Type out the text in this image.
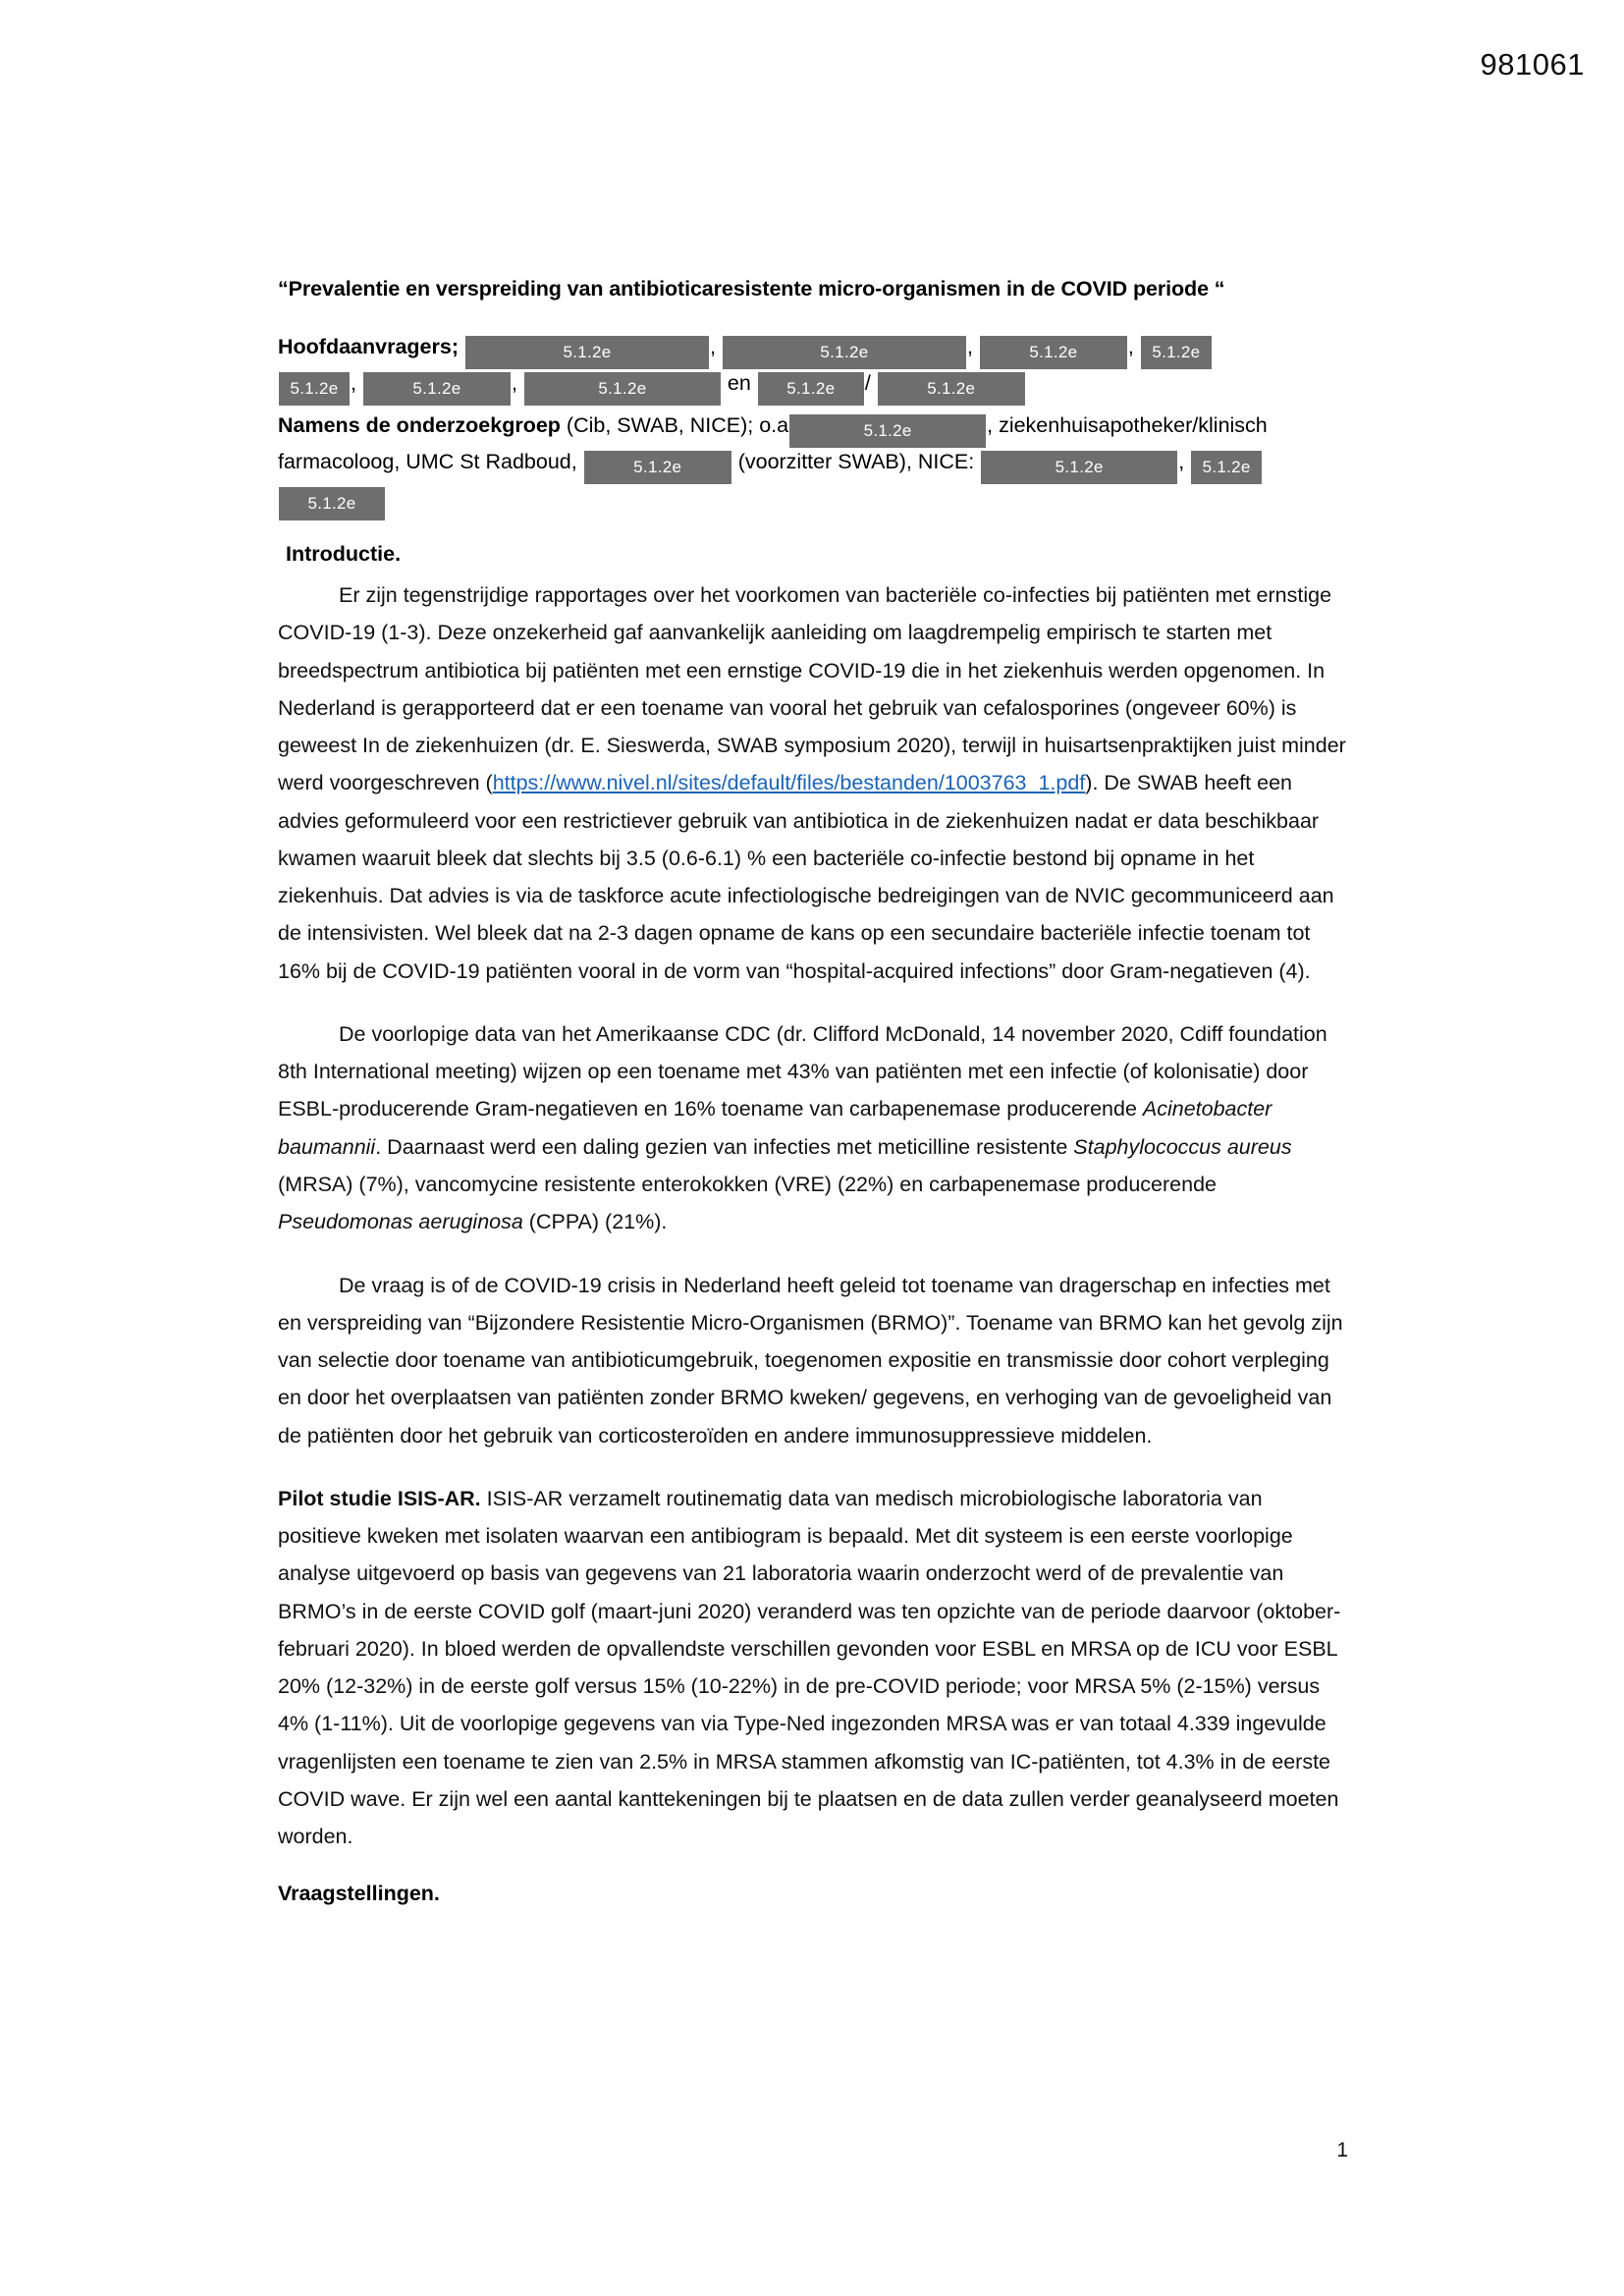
981061
“Prevalentie en verspreiding van antibioticaresistente micro-organismen in de COVID periode “
Hoofdaanvragers;	5.1.2e	,	5.1.2e	,	5.1.2e , 5.1.2e
5.1.2e ,	5.1.2e ,	5.1.2e	en 5.1.2e /	5.1.2e
Namens de onderzoekgroep (Cib, SWAB, NICE); o.a	5.1.2e	, ziekenhuisapotheker/klinisch farmacoloog, UMC St Radboud,	5.1.2e	(voorzitter SWAB), NICE:	5.1.2e	, 5.1.2e
5.1.2e
Introductie.

Er zijn tegenstrijdige rapportages over het voorkomen van bacteriële co-infecties bij patiënten met ernstige COVID-19 (1-3). Deze onzekerheid gaf aanvankelijk aanleiding om laagdrempelig empirisch te starten met breedspectrum antibiotica bij patiënten met een ernstige COVID-19 die in het ziekenhuis werden opgenomen. In Nederland is gerapporteerd dat er een toename van vooral het gebruik van cefalosporines (ongeveer 60%) is geweest In de ziekenhuizen (dr. E. Sieswerda, SWAB symposium 2020), terwijl in huisartsenpraktijken juist minder werd voorgeschreven (https://www.nivel.nl/sites/default/files/bestanden/1003763_1.pdf). De SWAB heeft een advies geformuleerd voor een restrictiever gebruik van antibiotica in de ziekenhuizen nadat er data beschikbaar kwamen waaruit bleek dat slechts bij 3.5 (0.6-6.1) % een bacteriële co-infectie bestond bij opname in het ziekenhuis. Dat advies is via de taskforce acute infectiologische bedreigingen van de NVIC gecommuniceerd aan de intensivisten. Wel bleek dat na 2-3 dagen opname de kans op een secundaire bacteriële infectie toenam tot 16% bij de COVID-19 patiënten vooral in de vorm van “hospital-acquired infections” door Gram-negatieven (4).

De voorlopige data van het Amerikaanse CDC (dr. Clifford McDonald, 14 november 2020, Cdiff foundation 8th International meeting) wijzen op een toename met 43% van patiënten met een infectie (of kolonisatie) door ESBL-producerende Gram-negatieven en 16% toename van carbapenemase producerende Acinetobacter baumannii. Daarnaast werd een daling gezien van infecties met meticilline resistente Staphylococcus aureus (MRSA) (7%), vancomycine resistente enterokokken (VRE) (22%) en carbapenemase producerende Pseudomonas aeruginosa (CPPA) (21%).

De vraag is of de COVID-19 crisis in Nederland heeft geleid tot toename van dragerschap en infecties met en verspreiding van “Bijzondere Resistentie Micro-Organismen (BRMO)”. Toename van BRMO kan het gevolg zijn van selectie door toename van antibioticumgebruik, toegenomen expositie en transmissie door cohort verpleging en door het overplaatsen van patiënten zonder BRMO kweken/ gegevens, en verhoging van de gevoeligheid van de patiënten door het gebruik van corticosteroïden en andere immunosuppressieve middelen.

Pilot studie ISIS-AR. ISIS-AR verzamelt routinematig data van medisch microbiologische laboratoria van positieve kweken met isolaten waarvan een antibiogram is bepaald. Met dit systeem is een eerste voorlopige analyse uitgevoerd op basis van gegevens van 21 laboratoria waarin onderzocht werd of de prevalentie van BRMO’s in de eerste COVID golf (maart-juni 2020) veranderd was ten opzichte van de periode daarvoor (oktober-februari 2020). In bloed werden de opvallendste verschillen gevonden voor ESBL en MRSA op de ICU voor ESBL 20% (12-32%) in de eerste golf versus 15% (10-22%) in de pre-COVID periode; voor MRSA 5% (2-15%) versus 4% (1-11%). Uit de voorlopige gegevens van via Type-Ned ingezonden MRSA was er van totaal 4.339 ingevulde vragenlijsten een toename te zien van 2.5% in MRSA stammen afkomstig van IC-patiënten, tot 4.3% in de eerste COVID wave. Er zijn wel een aantal kanttekeningen bij te plaatsen en de data zullen verder geanalyseerd moeten worden.

Vraagstellingen.
1
